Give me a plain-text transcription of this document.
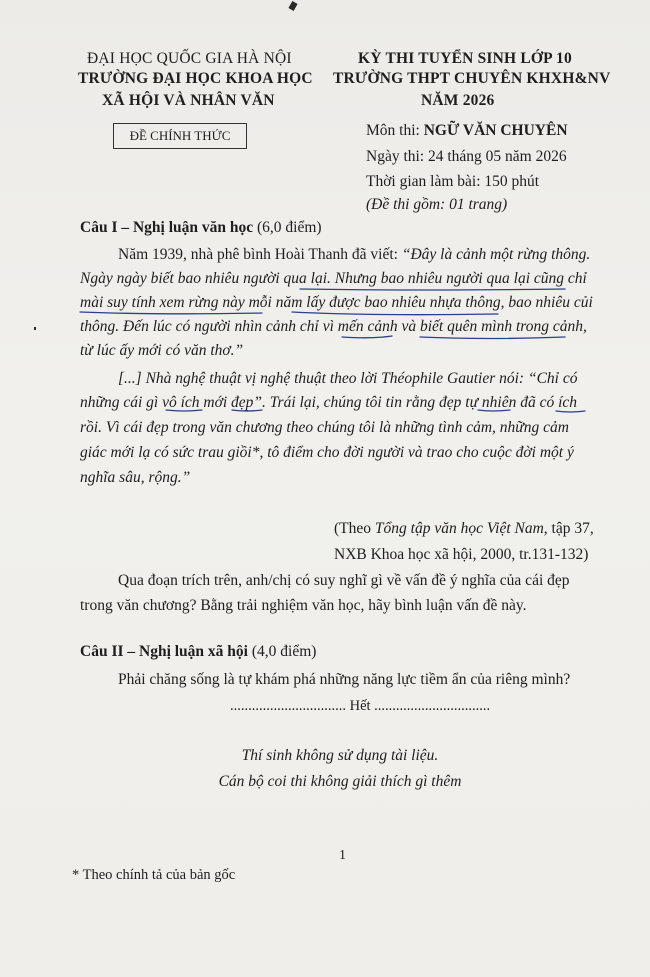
ĐẠI HỌC QUỐC GIA HÀ NỘI
TRƯỜNG ĐẠI HỌC KHOA HỌC
XÃ HỘI VÀ NHÂN VĂN
ĐỀ CHÍNH THỨC
KỲ THI TUYỂN SINH LỚP 10
TRƯỜNG THPT CHUYÊN KHXH&NV
NĂM 2026
Môn thi: NGỮ VĂN CHUYÊN
Ngày thi: 24 tháng 05 năm 2026
Thời gian làm bài: 150 phút
(Đề thi gồm: 01 trang)
Câu I – Nghị luận văn học (6,0 điểm)
Năm 1939, nhà phê bình Hoài Thanh đã viết: “Đây là cảnh một rừng thông.
Ngày ngày biết bao nhiêu người qua lại. Nhưng bao nhiêu người qua lại cũng chỉ
mài suy tính xem rừng này mỗi năm lấy được bao nhiêu nhựa thông, bao nhiêu củi
thông. Đến lúc có người nhìn cảnh chỉ vì mến cảnh và biết quên mình trong cảnh,
từ lúc ấy mới có văn thơ.”
[...] Nhà nghệ thuật vị nghệ thuật theo lời Théophile Gautier nói: “Chỉ có
những cái gì vô ích mới đẹp”. Trái lại, chúng tôi tin rằng đẹp tự nhiên đã có ích
rồi. Vì cái đẹp trong văn chương theo chúng tôi là những tình cảm, những cảm
giác mới lạ có sức trau giồi*, tô điểm cho đời người và trao cho cuộc đời một ý
nghĩa sâu, rộng.”
(Theo Tổng tập văn học Việt Nam, tập 37,
NXB Khoa học xã hội, 2000, tr.131-132)
Qua đoạn trích trên, anh/chị có suy nghĩ gì về vấn đề ý nghĩa của cái đẹp
trong văn chương? Bằng trải nghiệm văn học, hãy bình luận vấn đề này.
Câu II – Nghị luận xã hội (4,0 điểm)
Phải chăng sống là tự khám phá những năng lực tiềm ẩn của riêng mình?
................................ Hết ................................
Thí sinh không sử dụng tài liệu.
Cán bộ coi thi không giải thích gì thêm
1
* Theo chính tả của bản gốc
